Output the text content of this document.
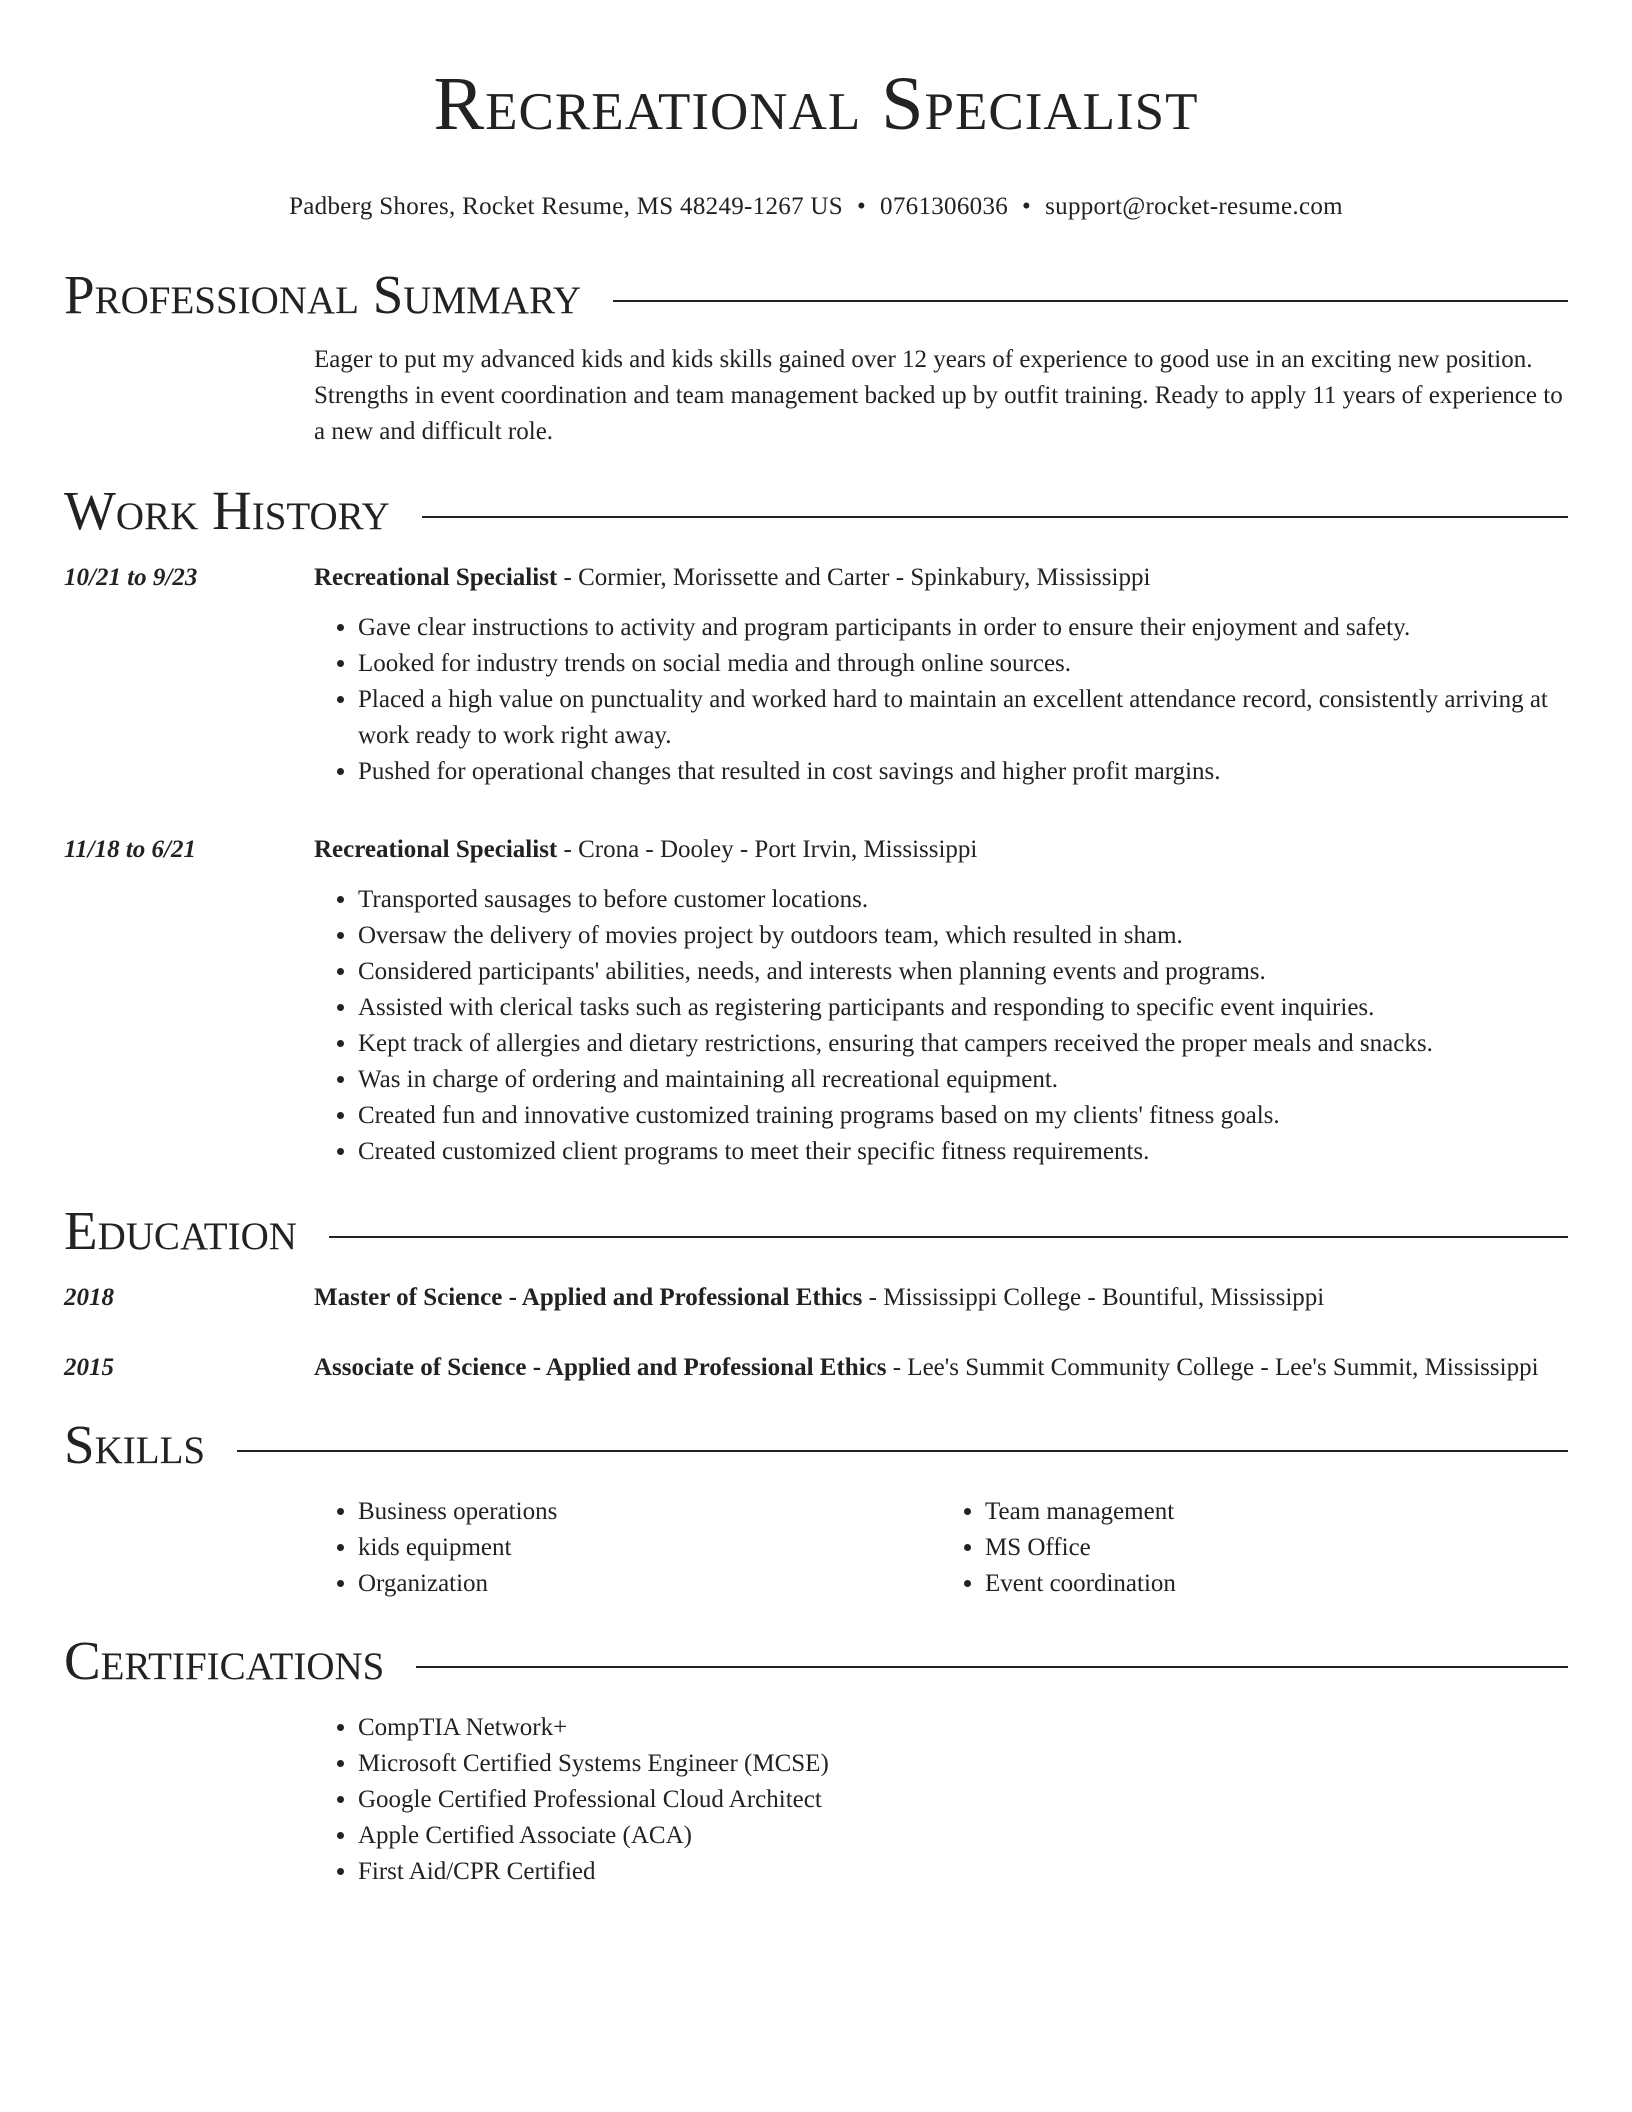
Recreational Specialist
Padberg Shores, Rocket Resume, MS 48249-1267 US • 0761306036 • support@rocket-resume.com
Professional Summary
Eager to put my advanced kids and kids skills gained over 12 years of experience to good use in an exciting new position. Strengths in event coordination and team management backed up by outfit training. Ready to apply 11 years of experience to a new and difficult role.
Work History
10/21 to 9/23	Recreational Specialist - Cormier, Morissette and Carter - Spinkabury, Mississippi
• Gave clear instructions to activity and program participants in order to ensure their enjoyment and safety.
• Looked for industry trends on social media and through online sources.
• Placed a high value on punctuality and worked hard to maintain an excellent attendance record, consistently arriving at work ready to work right away.
• Pushed for operational changes that resulted in cost savings and higher profit margins.
11/18 to 6/21	Recreational Specialist - Crona - Dooley - Port Irvin, Mississippi
• Transported sausages to before customer locations.
• Oversaw the delivery of movies project by outdoors team, which resulted in sham.
• Considered participants' abilities, needs, and interests when planning events and programs.
• Assisted with clerical tasks such as registering participants and responding to specific event inquiries.
• Kept track of allergies and dietary restrictions, ensuring that campers received the proper meals and snacks.
• Was in charge of ordering and maintaining all recreational equipment.
• Created fun and innovative customized training programs based on my clients' fitness goals.
• Created customized client programs to meet their specific fitness requirements.
Education
2018	Master of Science - Applied and Professional Ethics - Mississippi College - Bountiful, Mississippi
2015	Associate of Science - Applied and Professional Ethics - Lee's Summit Community College - Lee's Summit, Mississippi
Skills
• Business operations
• kids equipment
• Organization
• Team management
• MS Office
• Event coordination
Certifications
• CompTIA Network+
• Microsoft Certified Systems Engineer (MCSE)
• Google Certified Professional Cloud Architect
• Apple Certified Associate (ACA)
• First Aid/CPR Certified
